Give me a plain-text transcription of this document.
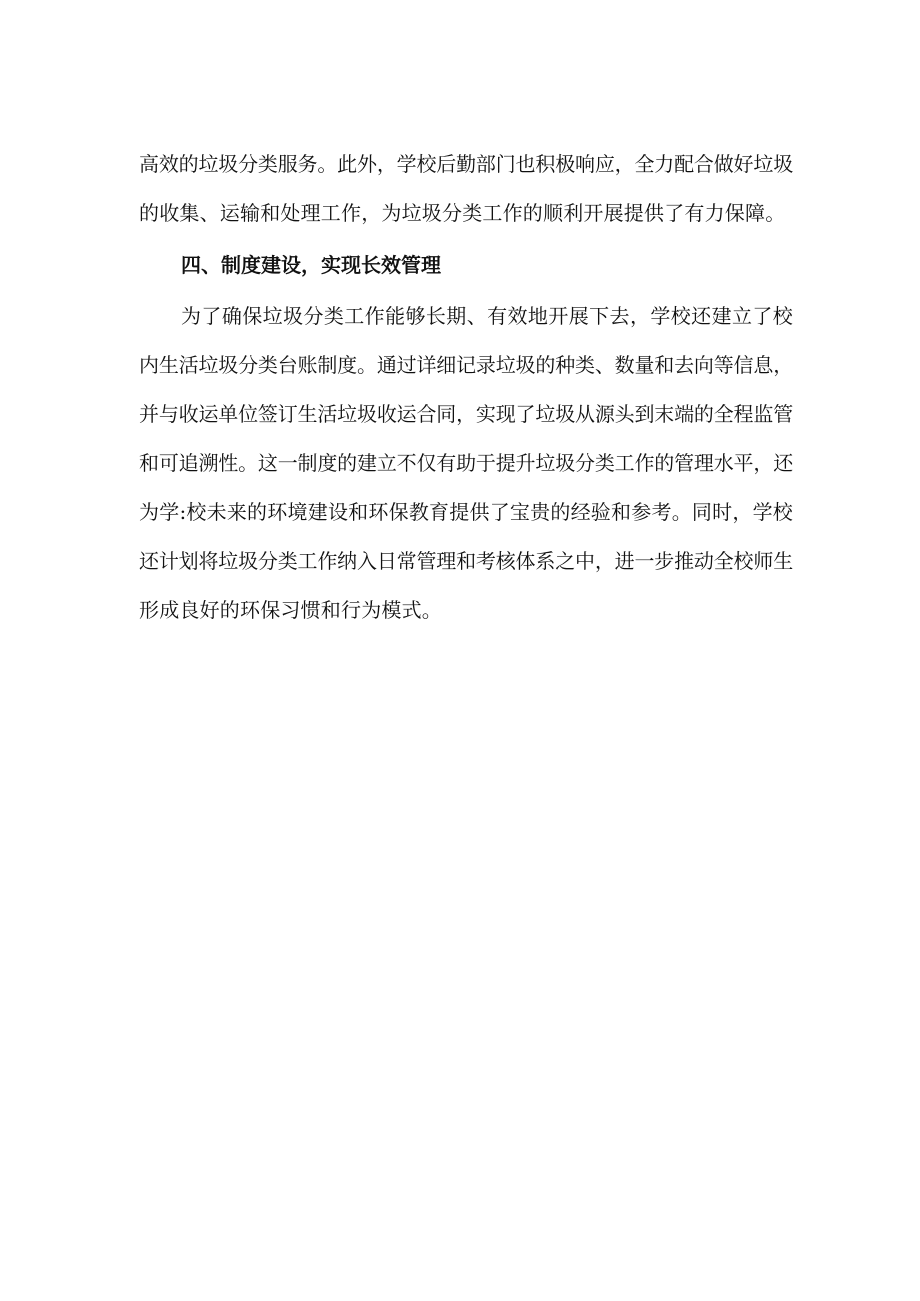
高效的垃圾分类服务。此外，学校后勤部门也积极响应，全力配合做好垃圾
的收集、运输和处理工作，为垃圾分类工作的顺利开展提供了有力保障。
四、制度建设，实现长效管理
为了确保垃圾分类工作能够长期、有效地开展下去，学校还建立了校
内生活垃圾分类台账制度。通过详细记录垃圾的种类、数量和去向等信息，
并与收运单位签订生活垃圾收运合同，实现了垃圾从源头到末端的全程监管
和可追溯性。这一制度的建立不仅有助于提升垃圾分类工作的管理水平，还
为学:校未来的环境建设和环保教育提供了宝贵的经验和参考。同时，学校
还计划将垃圾分类工作纳入日常管理和考核体系之中，进一步推动全校师生
形成良好的环保习惯和行为模式。
